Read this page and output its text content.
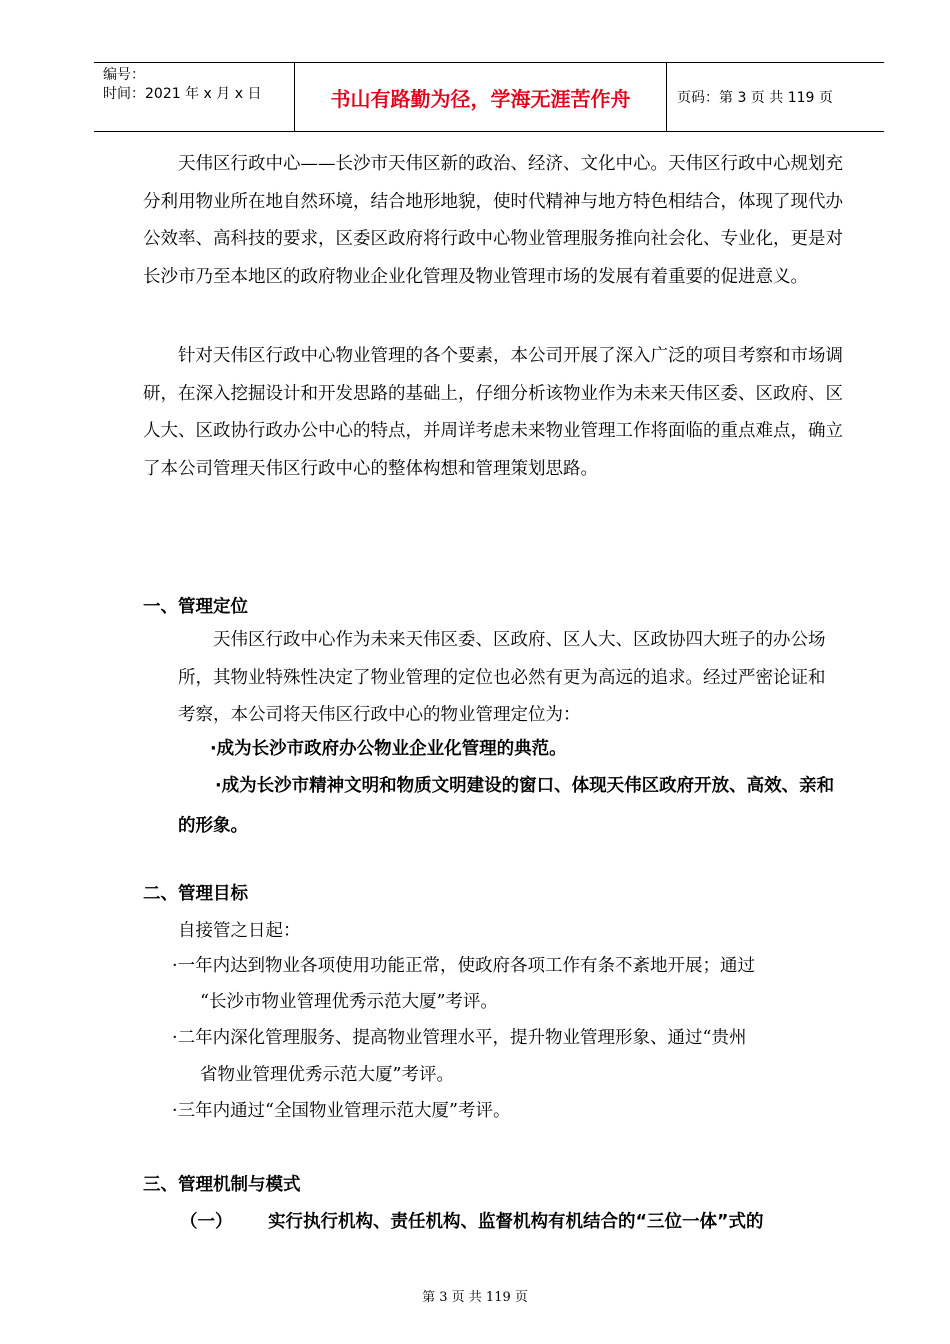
编号：
时间：2021 年 x 月 x 日	书山有路勤为径，学海无涯苦作舟	页码：第 3 页 共 119 页

天伟区行政中心——长沙市天伟区新的政治、经济、文化中心。天伟区行政中心规划充分利用物业所在地自然环境，结合地形地貌，使时代精神与地方特色相结合，体现了现代办公效率、高科技的要求，区委区政府将行政中心物业管理服务推向社会化、专业化，更是对长沙市乃至本地区的政府物业企业化管理及物业管理市场的发展有着重要的促进意义。

针对天伟区行政中心物业管理的各个要素，本公司开展了深入广泛的项目考察和市场调研，在深入挖掘设计和开发思路的基础上，仔细分析该物业作为未来天伟区委、区政府、区人大、区政协行政办公中心的特点，并周详考虑未来物业管理工作将面临的重点难点，确立了本公司管理天伟区行政中心的整体构想和管理策划思路。

一、管理定位

天伟区行政中心作为未来天伟区委、区政府、区人大、区政协四大班子的办公场所，其物业特殊性决定了物业管理的定位也必然有更为高远的追求。经过严密论证和考察，本公司将天伟区行政中心的物业管理定位为：

·成为长沙市政府办公物业企业化管理的典范。
·成为长沙市精神文明和物质文明建设的窗口、体现天伟区政府开放、高效、亲和的形象。
二、管理目标
自接管之日起：
·一年内达到物业各项使用功能正常，使政府各项工作有条不紊地开展；通过
“长沙市物业管理优秀示范大厦”考评。
·二年内深化管理服务、提高物业管理水平，提升物业管理形象、通过“贵州
省物业管理优秀示范大厦”考评。
·三年内通过“全国物业管理示范大厦”考评。
三、管理机制与模式
（一） 实行执行机构、责任机构、监督机构有机结合的“三位一体”式的
第 3 页 共 119 页
